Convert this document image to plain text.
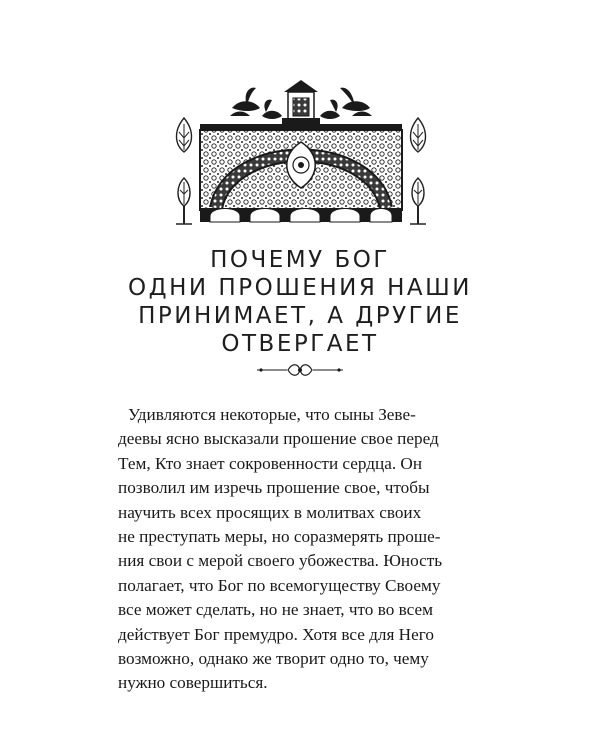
ПОЧЕМУ БОГ
ОДНИ ПРОШЕНИЯ НАШИ
ПРИНИМАЕТ, А ДРУГИЕ
ОТВЕРГАЕТ
Удивляются некоторые, что сыны Зеве-
деевы ясно высказали прошение свое перед
Тем, Кто знает сокровенности сердца. Он
позволил им изречь прошение свое, чтобы
научить всех просящих в молитвах своих
не преступать меры, но соразмерять проше-
ния свои с мерой своего убожества. Юность
полагает, что Бог по всемогуществу Своему
все может сделать, но не знает, что во всем
действует Бог премудро. Хотя все для Него
возможно, однако же творит одно то, чему
нужно совершиться.
